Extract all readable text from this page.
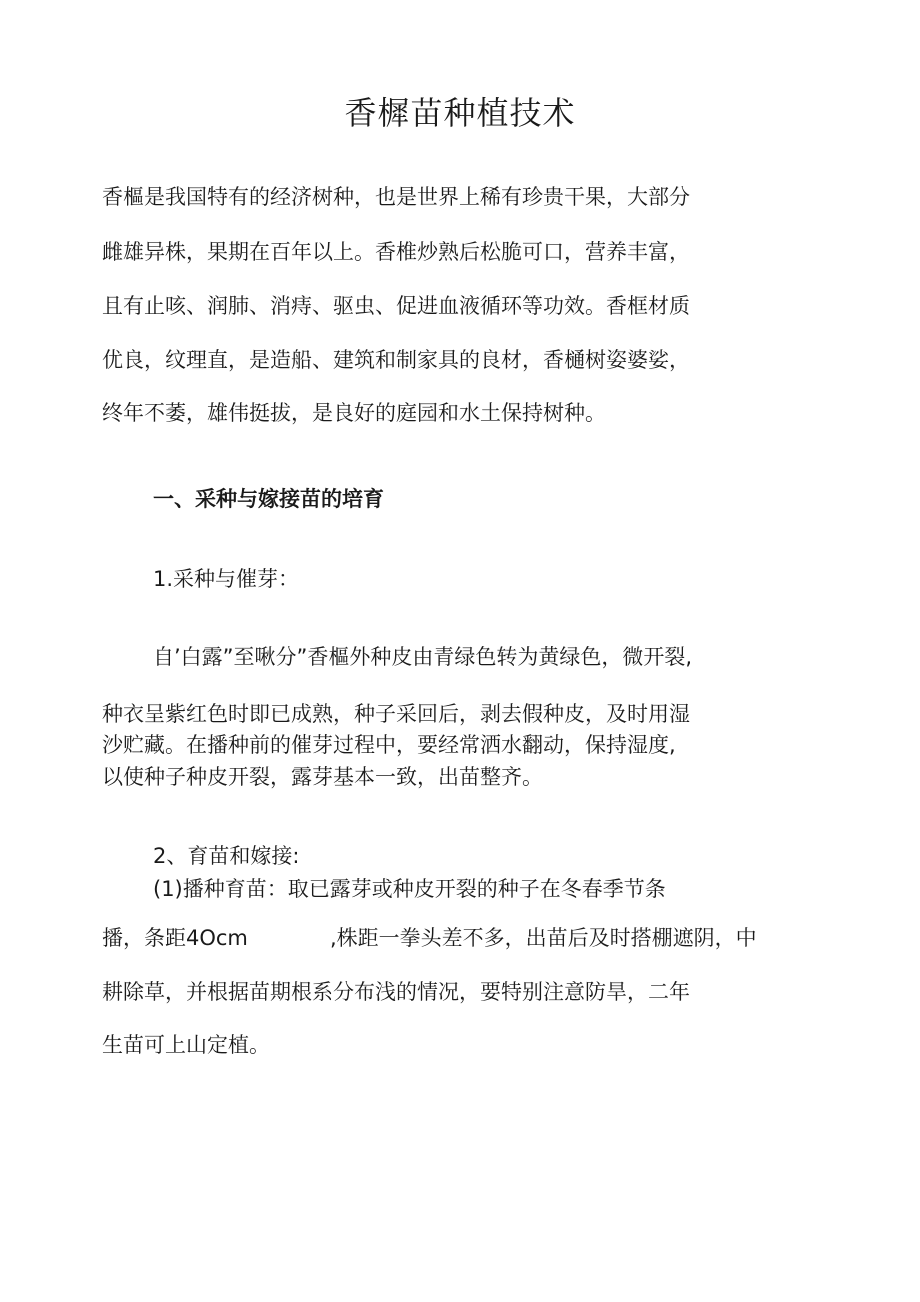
香樨苗种植技术
香樞是我国特有的经济树种，也是世界上稀有珍贵干果，大部分
雌雄异株，果期在百年以上。香椎炒熟后松脆可口，营养丰富，
且有止咳、润肺、消痔、驱虫、促进血液循环等功效。香框材质
优良，纹理直，是造船、建筑和制家具的良材，香樋树姿婆娑，
终年不萎，雄伟挺拔，是良好的庭园和水土保持树种。
一、采种与嫁接苗的培育
1.采种与催芽：
自’白露”至啾分”香樞外种皮由青绿色转为黄绿色，微开裂,
种衣呈紫红色时即已成熟，种子采回后，剥去假种皮，及时用湿
沙贮藏。在播种前的催芽过程中，要经常洒水翻动，保持湿度,
以使种子种皮开裂，露芽基本一致，出苗整齐。
2、育苗和嫁接:
(1)播种育苗：取已露芽或种皮开裂的种子在冬春季节条
播，条距4Ocm	,株距一拳头差不多，出苗后及时搭棚遮阴，中
耕除草，并根据苗期根系分布浅的情况，要特别注意防旱，二年
生苗可上山定植。
